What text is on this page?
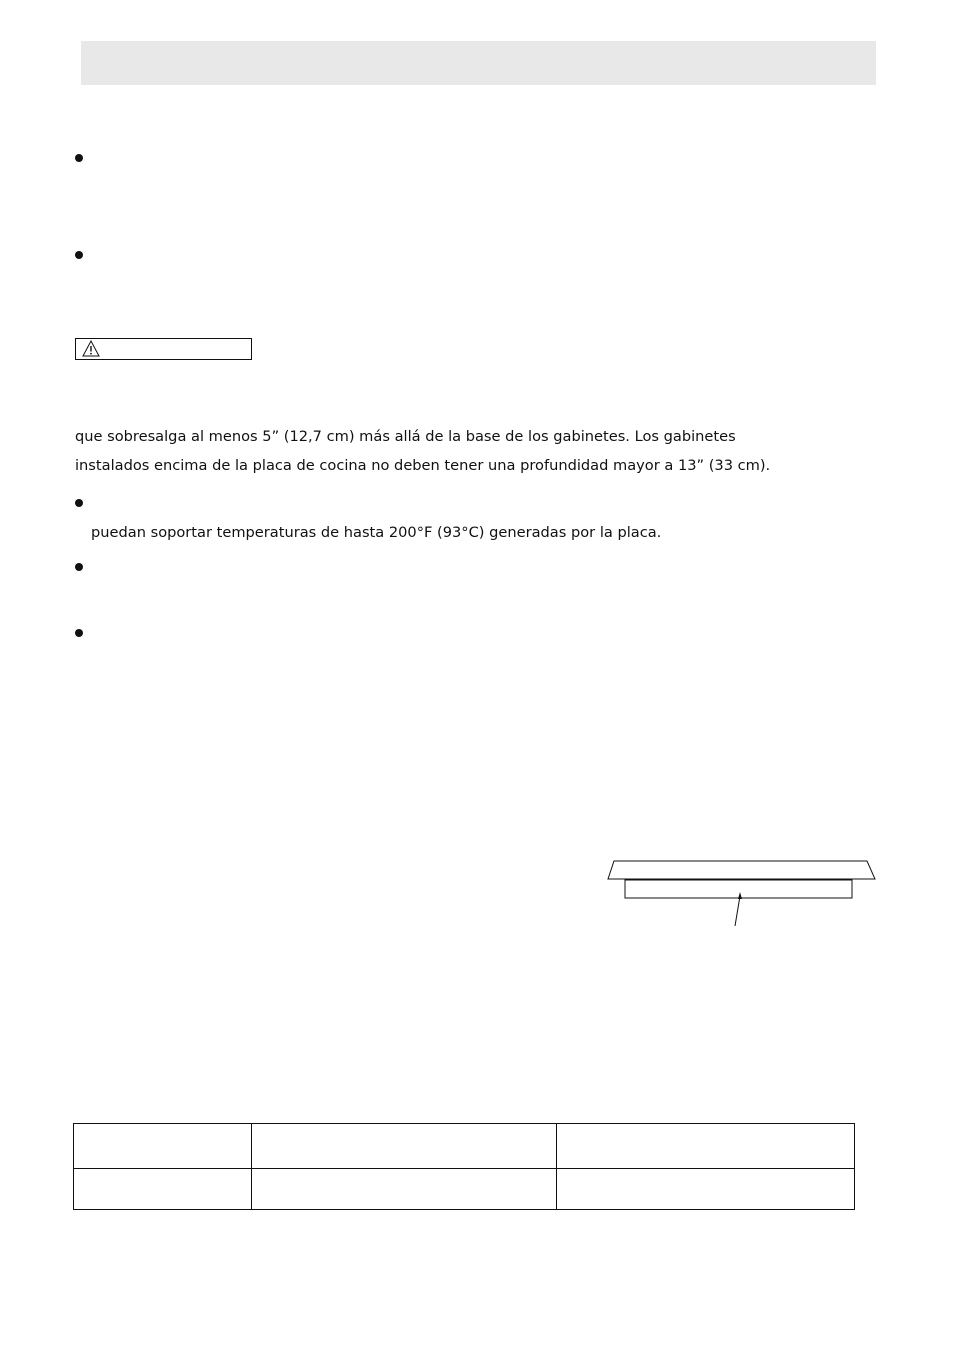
que sobresalga al menos 5” (12,7 cm) más allá de la base de los gabinetes. Los gabinetes
instalados encima de la placa de cocina no deben tener una profundidad mayor a 13” (33 cm).
puedan soportar temperaturas de hasta 200°F (93°C) generadas por la placa.
